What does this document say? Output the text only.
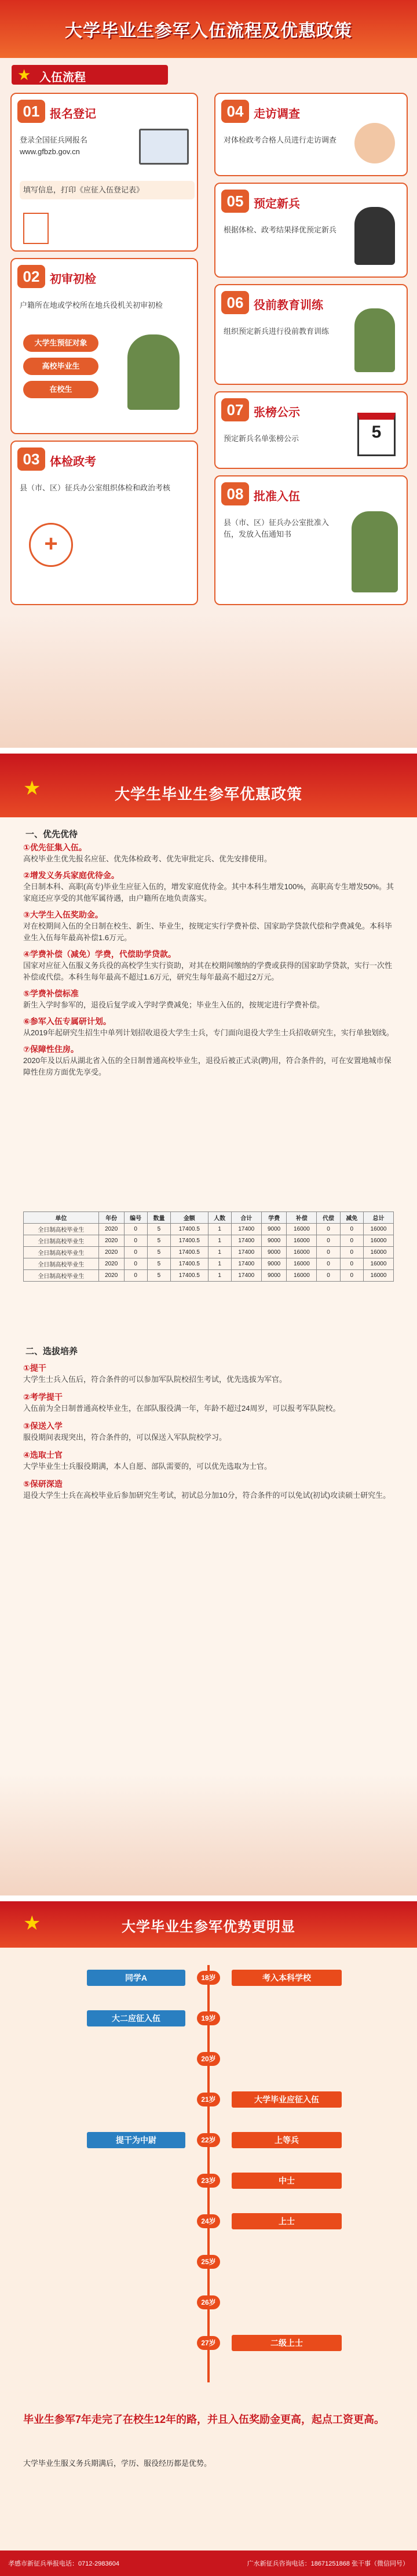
大学毕业生参军入伍流程及优惠政策
★ 入伍流程
01 报名登记
登录全国征兵网报名 www.gfbzb.gov.cn
填写信息，打印《应征入伍登记表》
02 初审初检
户籍所在地或学校所在地兵役机关初审初检
大学生预征对象
高校毕业生
在校生
03 体检政考
县（市、区）征兵办公室组织体检和政治考核
+
04 走访调查
对体检政考合格人员进行走访调查
05 预定新兵
根据体检、政考结果择优预定新兵
06 役前教育训练
组织预定新兵进行役前教育训练
07 张榜公示
预定新兵名单张榜公示	5
08 批准入伍
县（市、区）征兵办公室批准入伍，发放入伍通知书
★	大学生毕业生参军优惠政策
一、优先优待
①优先征集入伍。
高校毕业生优先报名应征、优先体检政考、优先审批定兵、优先安排使用。
②增发义务兵家庭优待金。
全日制本科、高职(高专)毕业生应征入伍的，增发家庭优待金。其中本科生增发100%，高职高专生增发50%。其家庭还应享受的其他军属待遇，由户籍所在地负责落实。
③大学生入伍奖助金。
对在校期间入伍的全日制在校生、新生、毕业生，按规定实行学费补偿、国家助学贷款代偿和学费减免。本科毕业生入伍每年最高补偿1.6万元。
④学费补偿（减免）学费，代偿助学贷款。
国家对应征入伍服义务兵役的高校学生实行资助，对其在校期间缴纳的学费或获得的国家助学贷款，实行一次性补偿或代偿。本科生每年最高不超过1.6万元，研究生每年最高不超过2万元。
⑤学费补偿标准
新生入学时参军的，退役后复学或入学时学费减免；毕业生入伍的，按规定进行学费补偿。
⑥参军入伍专属研计划。
从2019年起研究生招生中单列计划招收退役大学生士兵，专门面向退役大学生士兵招收研究生，实行单独划线。
⑦保障性住房。
2020年及以后从湖北省入伍的全日制普通高校毕业生，退役后被正式录(聘)用，符合条件的，可在安置地城市保障性住房方面优先享受。
单位	年份	编号	数量	金额	人数	合计	学费	补偿	代偿	减免	总计
全日制高校毕业生	2020	0	5	17400.5	1	17400	9000	16000	0	0	16000
全日制高校毕业生	2020	0	5	17400.5	1	17400	9000	16000	0	0	16000
全日制高校毕业生	2020	0	5	17400.5	1	17400	9000	16000	0	0	16000
全日制高校毕业生	2020	0	5	17400.5	1	17400	9000	16000	0	0	16000
全日制高校毕业生	2020	0	5	17400.5	1	17400	9000	16000	0	0	16000
二、选拔培养
①提干
大学生士兵入伍后，符合条件的可以参加军队院校招生考试，优先选拔为军官。
②考学提干
入伍前为全日制普通高校毕业生，在部队服役满一年，年龄不超过24周岁，可以报考军队院校。
③保送入学
服役期间表现突出，符合条件的，可以保送入军队院校学习。
④选取士官
大学毕业生士兵服役期满，本人自愿、部队需要的，可以优先选取为士官。
⑤保研深造
退役大学生士兵在高校毕业后参加研究生考试，初试总分加10分，符合条件的可以免试(初试)攻读硕士研究生。
★	大学毕业生参军优势更明显
毕业生参军7年走完了在校生12年的路，并且入伍奖励金更高，起点工资更高。
大学毕业生服义务兵期满后，学历、服役经历都是优势。
孝感市新征兵举报电话：0712-2983604	广水新征兵咨询电话：18671251868 张干事（微信同号）
18岁
同学A	考入本科学校
19岁
大二应征入伍
20岁
21岁	大学毕业应征入伍
22岁
提干为中尉	上等兵
23岁	中士
24岁	上士
25岁
26岁
27岁	二级上士
